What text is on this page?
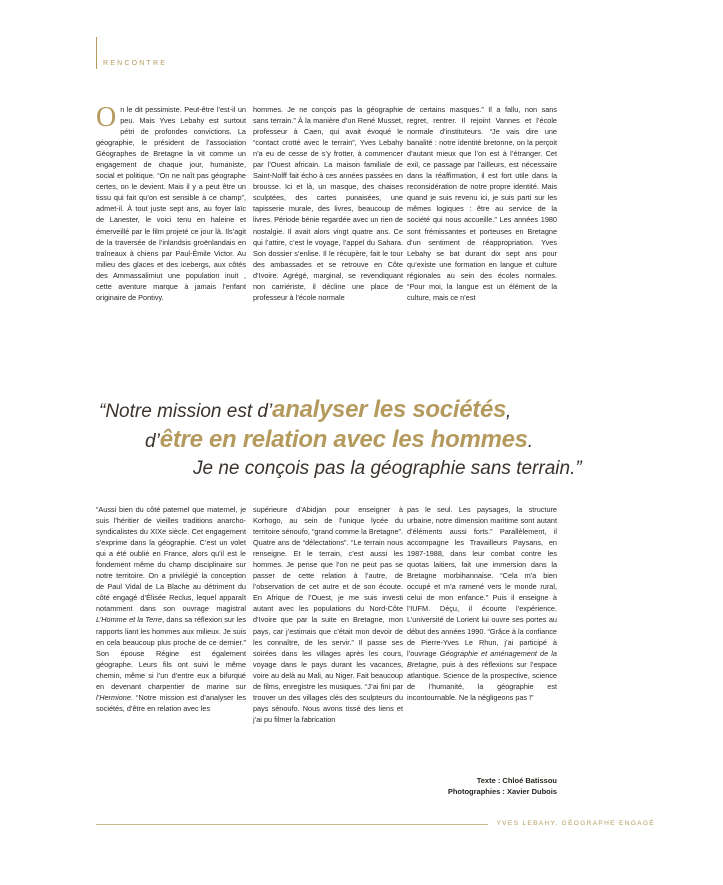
RENCONTRE
O n le dit pessimiste. Peut-être l’est-il un peu. Mais Yves Lebahy est surtout pétri de profondes convictions. La géographie, le président de l’association Géographes de Bretagne la vit comme un engagement de chaque jour, humaniste, social et politique. “On ne naît pas géographe certes, on le devient. Mais il y a peut être un tissu qui fait qu’on est sensible à ce champ”, admet-il. À tout juste sept ans, au foyer laïc de Lanester, le voici tenu en haleine et émerveillé par le film projeté ce jour là. Ils’agit de la traversée de l’inlandsis groënlandais en traîneaux à chiens par Paul-Émile Victor. Au milieu des glaces et des icebergs, aux côtés des Ammassalimiut une population inuit , cette aventure marque à jamais l’enfant originaire de Pontivy.

hommes. Je ne conçois pas la géographie sans terrain.” À la manière d’un René Musset, professeur à Caen, qui avait évoqué le “contact crotté avec le terrain”, Yves Lebahy n’a eu de cesse de s’y frotter, à commencer par l’Ouest africain. La maison familiale de Saint-Nolff fait écho à ces années passées en brousse. Ici et là, un masque, des chaises sculptées, des cartes punaisées, une tapisserie murale, des livres, beaucoup de livres. Période bénie regardée avec un rien de nostalgie. Il avait alors vingt quatre ans. Ce qui l’attire, c’est le voyage, l’appel du Sahara. Son dossier s’enlise. Il le récupère, fait le tour des ambassades et se retrouve en Côte d’Ivoire. Agrégé, marginal, se revendiquant non carriériste, il décline une place de professeur à l’école normale

de certains masques.” Il a fallu, non sans regret, rentrer. Il rejoint Vannes et l’école normale d’instituteurs. “Je vais dire une banalité : notre identité bretonne, on la perçoit d’autant mieux que l’on est à l’étranger. Cet exil, ce passage par l’ailleurs, est nécessaire dans la réaffirmation, il est fort utile dans la reconsidération de notre propre identité. Mais quand je suis revenu ici, je suis parti sur les mêmes logiques : être au service de la société qui nous accueille.” Les années 1980 sont frémissantes et porteuses en Bretagne d’un sentiment de réappropriation. Yves Lebahy se bat durant dix sept ans pour qu’existe une formation en langue et culture régionales au sein des écoles normales. “Pour moi, la langue est un élément de la culture, mais ce n’est

“Notre mission est d’analyser les sociétés,
d’être en relation avec les hommes.
Je ne conçois pas la géographie sans terrain.”

“Aussi bien du côté paternel que maternel, je suis l’héritier de vieilles traditions anarcho-syndicalistes du XIXe siècle. Cet engagement s’exprime dans la géographie. C’est un volet qui a été oublié en France, alors qu’il est le fondement même du champ disciplinaire sur notre territoire. On a privilégié la conception de Paul Vidal de La Blache au détriment du côté engagé d’Élisée Reclus, lequel apparaît notamment dans son ouvrage magistral L’Homme et la Terre, dans sa réflexion sur les rapports liant les hommes aux milieux. Je suis en cela beaucoup plus proche de ce dernier.” Son épouse Régine est également géographe. Leurs fils ont suivi le même chemin, même si l’un d’entre eux a bifurqué en devenant charpentier de marine sur l’Hermione. “Notre mission est d’analyser les sociétés, d’être en relation avec les

supérieure d’Abidjan pour enseigner à Korhogo, au sein de l’unique lycée du territoire sénoufo, “grand comme la Bretagne”. Quatre ans de “délectations”. “Le terrain nous renseigne. Et le terrain, c’est aussi les hommes. Je pense que l’on ne peut pas se passer de cette relation à l’autre, de l’observation de cet autre et de son écoute. En Afrique de l’Ouest, je me suis investi autant avec les populations du Nord-Côte d’Ivoire que par la suite en Bretagne, mon pays, car j’estimais que c’était mon devoir de les connaître, de les servir.” Il passe ses soirées dans les villages après les cours, voyage dans le pays durant les vacances, voire au delà au Mali, au Niger. Fait beaucoup de films, enregistre les musiques. “J’ai fini par trouver un des villages clés des sculpteurs du pays sénoufo. Nous avons tissé des liens et j’ai pu filmer la fabrication

pas le seul. Les paysages, la structure urbaine, notre dimension maritime sont autant d’éléments aussi forts.” Parallèlement, il accompagne les Travailleurs Paysans, en 1987-1988, dans leur combat contre les quotas laitiers, fait une immersion dans la Bretagne morbihannaise. “Cela m’a bien occupé et m’a ramené vers le monde rural, celui de mon enfance.” Puis il enseigne à l’IUFM. Déçu, il écourte l’expérience. L’université de Lorient lui ouvre ses portes au début des années 1990. “Grâce à la confiance de Pierre-Yves Le Rhun, j’ai participé à l’ouvrage Géographie et aménagement de la Bretagne, puis à des réflexions sur l’espace atlantique. Science de la prospective, science de l’humanité, la géographie est incontournable. Ne la négligeons pas !”

Texte : Chloé Batissou
Photographies : Xavier Dubois
YVES LEBAHY, GÉOGRAPHE ENGAGÉ
